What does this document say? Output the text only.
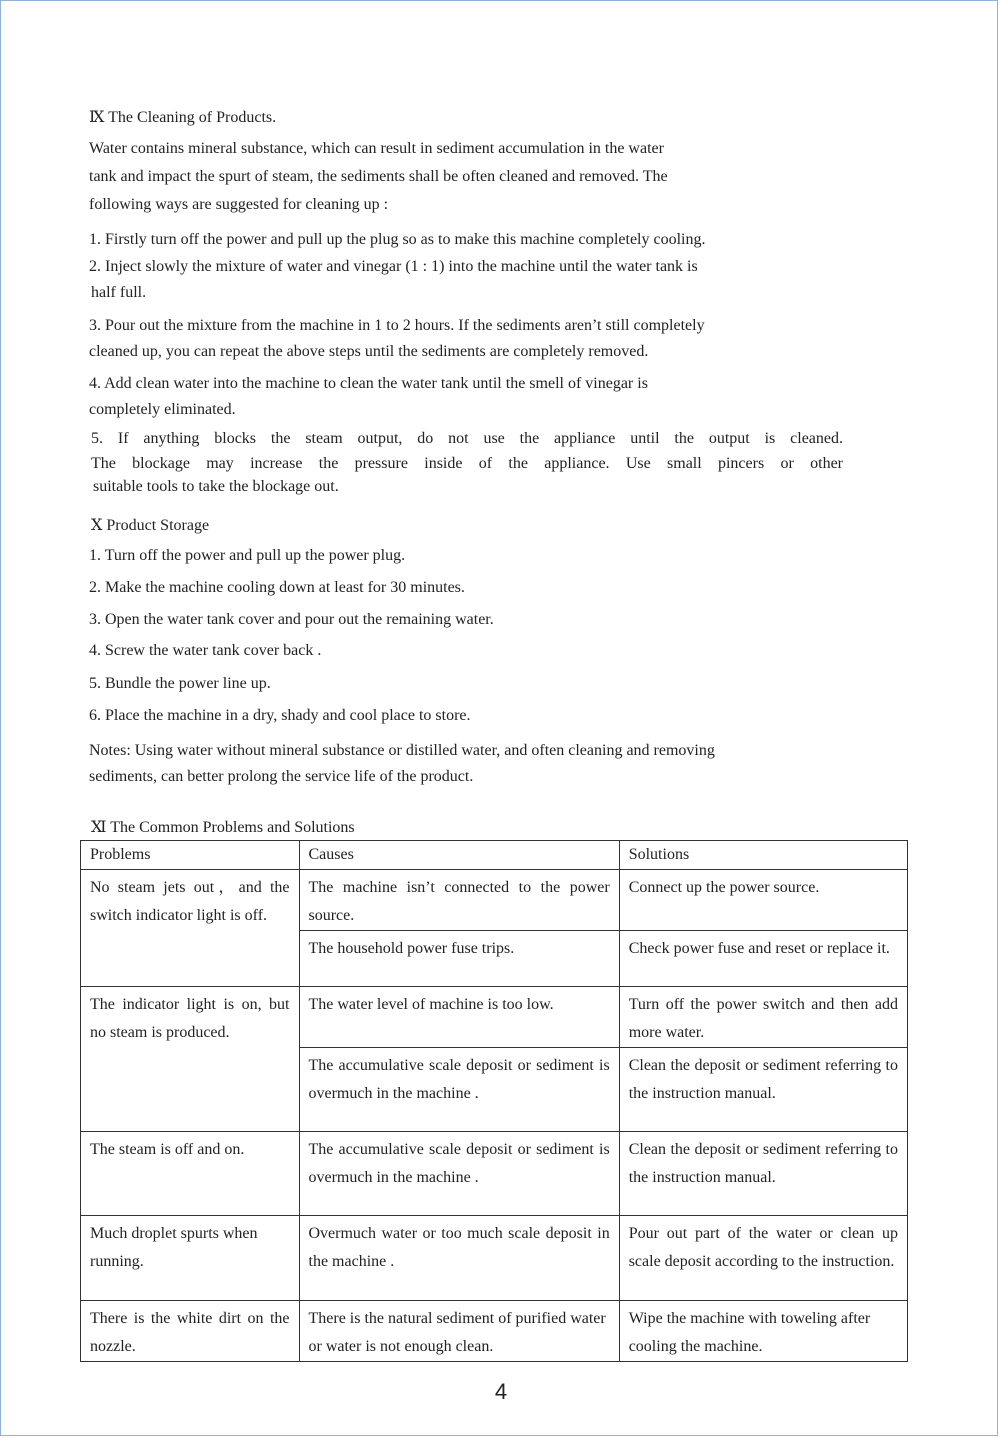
Ⅸ The Cleaning of Products.
Water contains mineral substance, which can result in sediment accumulation in the water
tank and impact the spurt of steam, the sediments shall be often cleaned and removed. The
following ways are suggested for cleaning up :
1. Firstly turn off the power and pull up the plug so as to make this machine completely cooling.
2. Inject slowly the mixture of water and vinegar (1 : 1) into the machine until the water tank is
half full.
3. Pour out the mixture from the machine in 1 to 2 hours. If the sediments aren’t still completely
cleaned up, you can repeat the above steps until the sediments are completely removed.
4. Add clean water into the machine to clean the water tank until the smell of vinegar is
completely eliminated.
5. If anything blocks the steam output, do not use the appliance until the output is cleaned.
The blockage may increase the pressure inside of the appliance. Use small pincers or other
suitable tools to take the blockage out.
Ⅹ Product Storage
1. Turn off the power and pull up the power plug.
2. Make the machine cooling down at least for 30 minutes.
3. Open the water tank cover and pour out the remaining water.
4. Screw the water tank cover back .
5. Bundle the power line up.
6. Place the machine in a dry, shady and cool place to store.
Notes: Using water without mineral substance or distilled water, and often cleaning and removing
sediments, can better prolong the service life of the product.
Ⅺ The Common Problems and Solutions
Problems	Causes	Solutions
No steam jets out，and the switch indicator light is off.	The machine isn’t connected to the power source.	Connect up the power source.
	The household power fuse trips.	Check power fuse and reset or replace it.
The indicator light is on, but no steam is produced.	The water level of machine is too low.	Turn off the power switch and then add more water.
	The accumulative scale deposit or sediment is overmuch in the machine .	Clean the deposit or sediment referring to the instruction manual.
The steam is off and on.	The accumulative scale deposit or sediment is overmuch in the machine .	Clean the deposit or sediment referring to the instruction manual.
Much droplet spurts when running.	Overmuch water or too much scale deposit in the machine .	Pour out part of the water or clean up scale deposit according to the instruction.
There is the white dirt on the nozzle.	There is the natural sediment of purified water or water is not enough clean.	Wipe the machine with toweling after cooling the machine.
4
